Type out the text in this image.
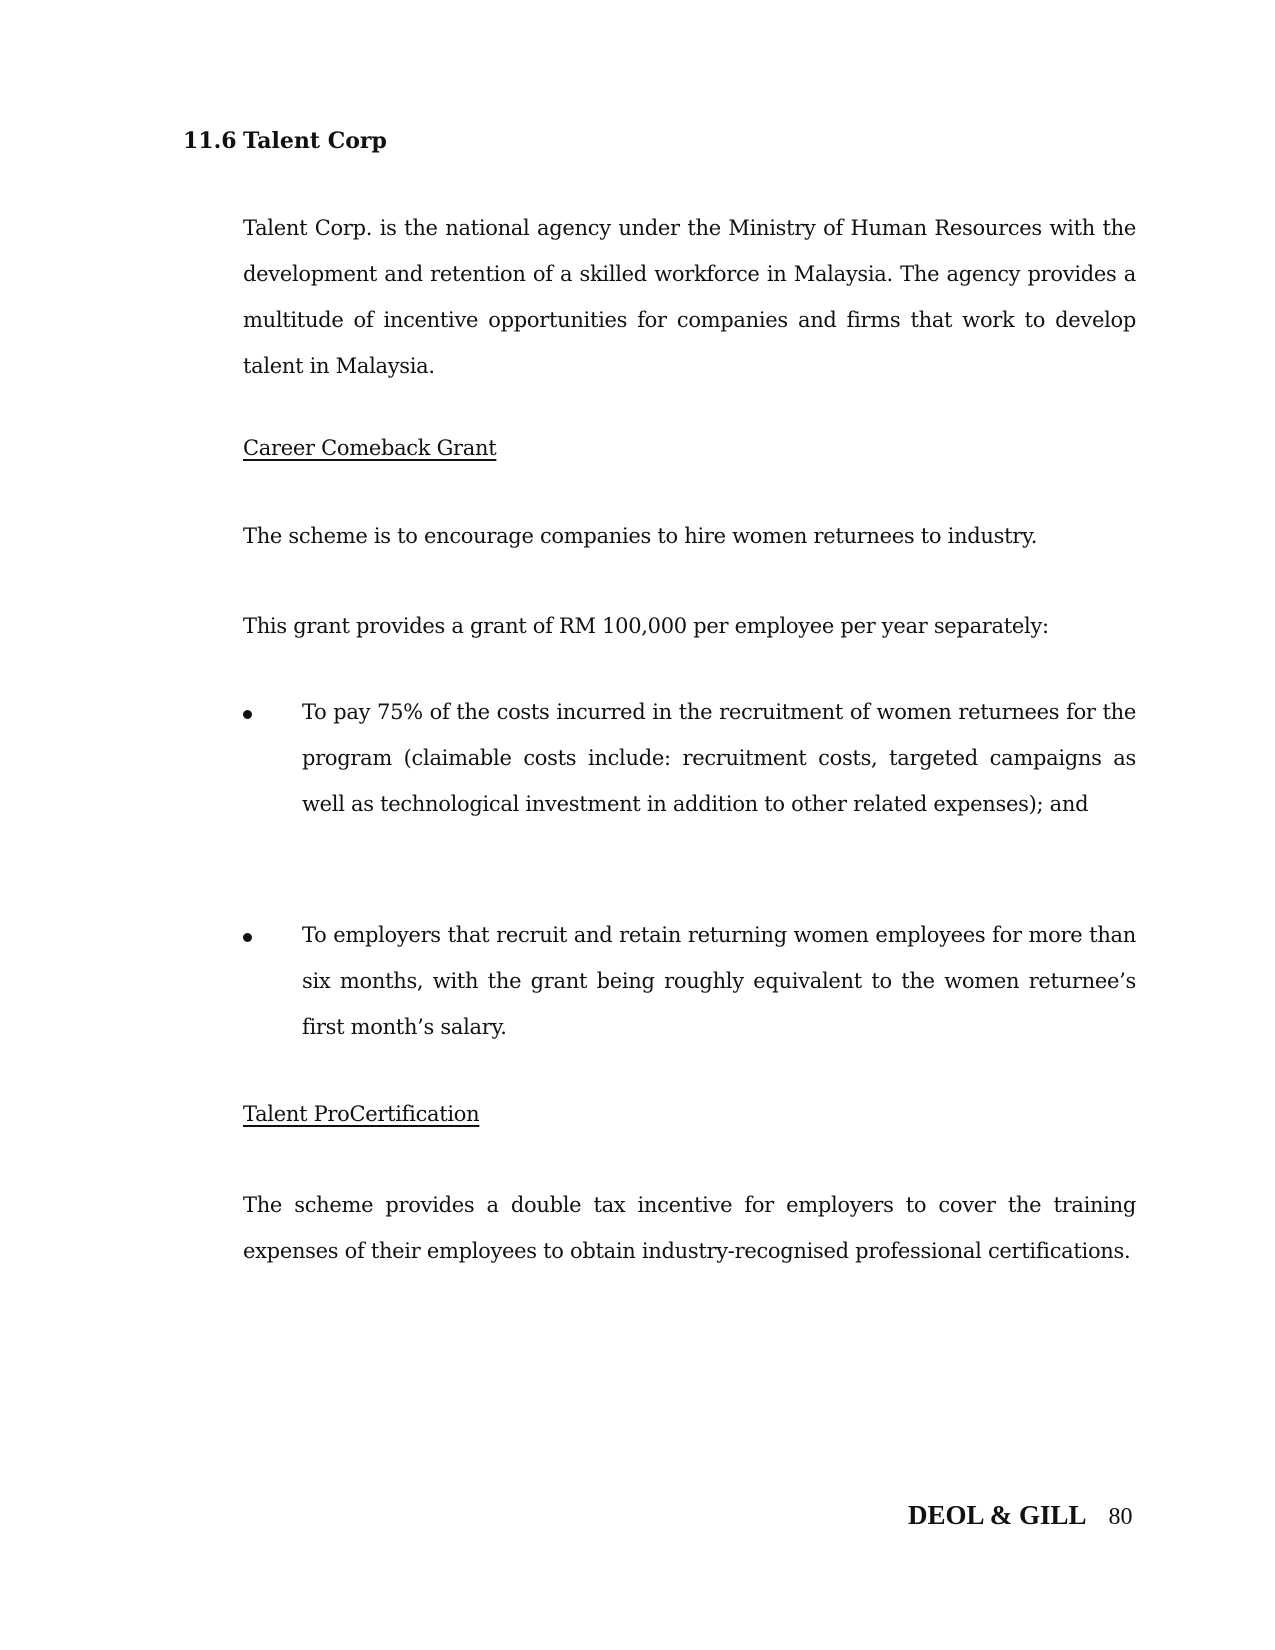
11.6 Talent Corp
Talent Corp. is the national agency under the Ministry of Human Resources with the development and retention of a skilled workforce in Malaysia. The agency provides a multitude of incentive opportunities for companies and firms that work to develop talent in Malaysia.
Career Comeback Grant
The scheme is to encourage companies to hire women returnees to industry.
This grant provides a grant of RM 100,000 per employee per year separately:
To pay 75% of the costs incurred in the recruitment of women returnees for the program (claimable costs include: recruitment costs, targeted campaigns as well as technological investment in addition to other related expenses); and
To employers that recruit and retain returning women employees for more than six months, with the grant being roughly equivalent to the women returnee’s first month’s salary.
Talent ProCertification
The scheme provides a double tax incentive for employers to cover the training expenses of their employees to obtain industry-recognised professional certifications.
DEOL & GILL 80
